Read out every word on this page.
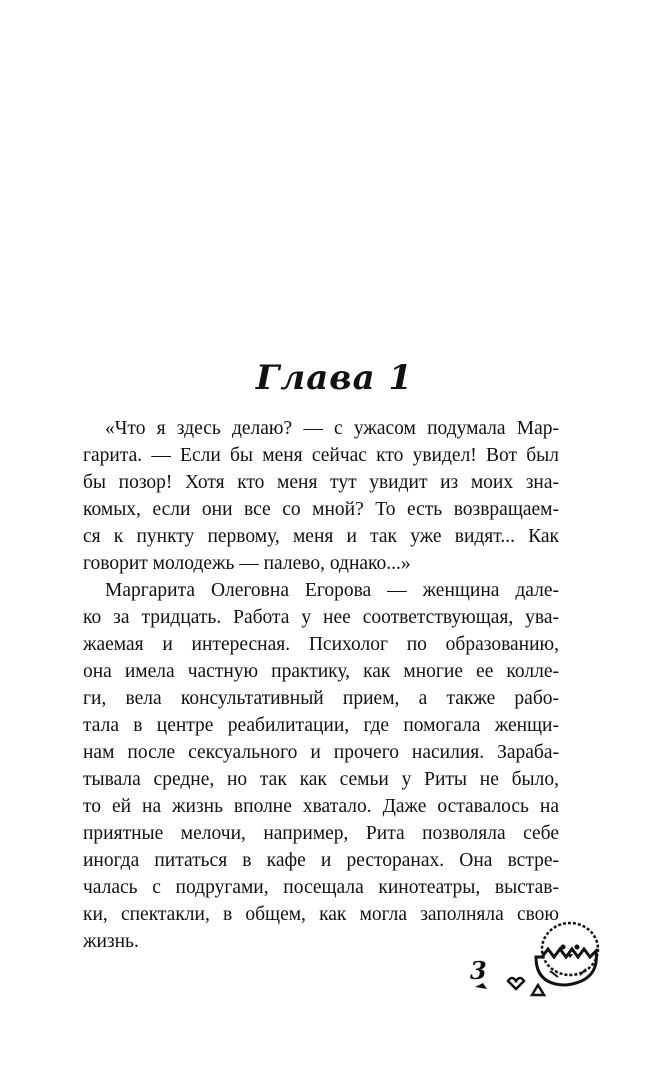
Глава 1
«Что я здесь делаю? — с ужасом подумала Мар-
гарита. — Если бы меня сейчас кто увидел! Вот был
бы позор! Хотя кто меня тут увидит из моих зна-
комых, если они все со мной? То есть возвращаем-
ся к пункту первому, меня и так уже видят... Как
говорит молодежь — палево, однако...»
Маргарита Олеговна Егорова — женщина дале-
ко за тридцать. Работа у нее соответствующая, ува-
жаемая и интересная. Психолог по образованию,
она имела частную практику, как многие ее колле-
ги, вела консультативный прием, а также рабо-
тала в центре реабилитации, где помогала женщи-
нам после сексуального и прочего насилия. Зараба-
тывала средне, но так как семьи у Риты не было,
то ей на жизнь вполне хватало. Даже оставалось на
приятные мелочи, например, Рита позволяла себе
иногда питаться в кафе и ресторанах. Она встре-
чалась с подругами, посещала кинотеатры, выстав-
ки, спектакли, в общем, как могла заполняла свою
жизнь.
3
